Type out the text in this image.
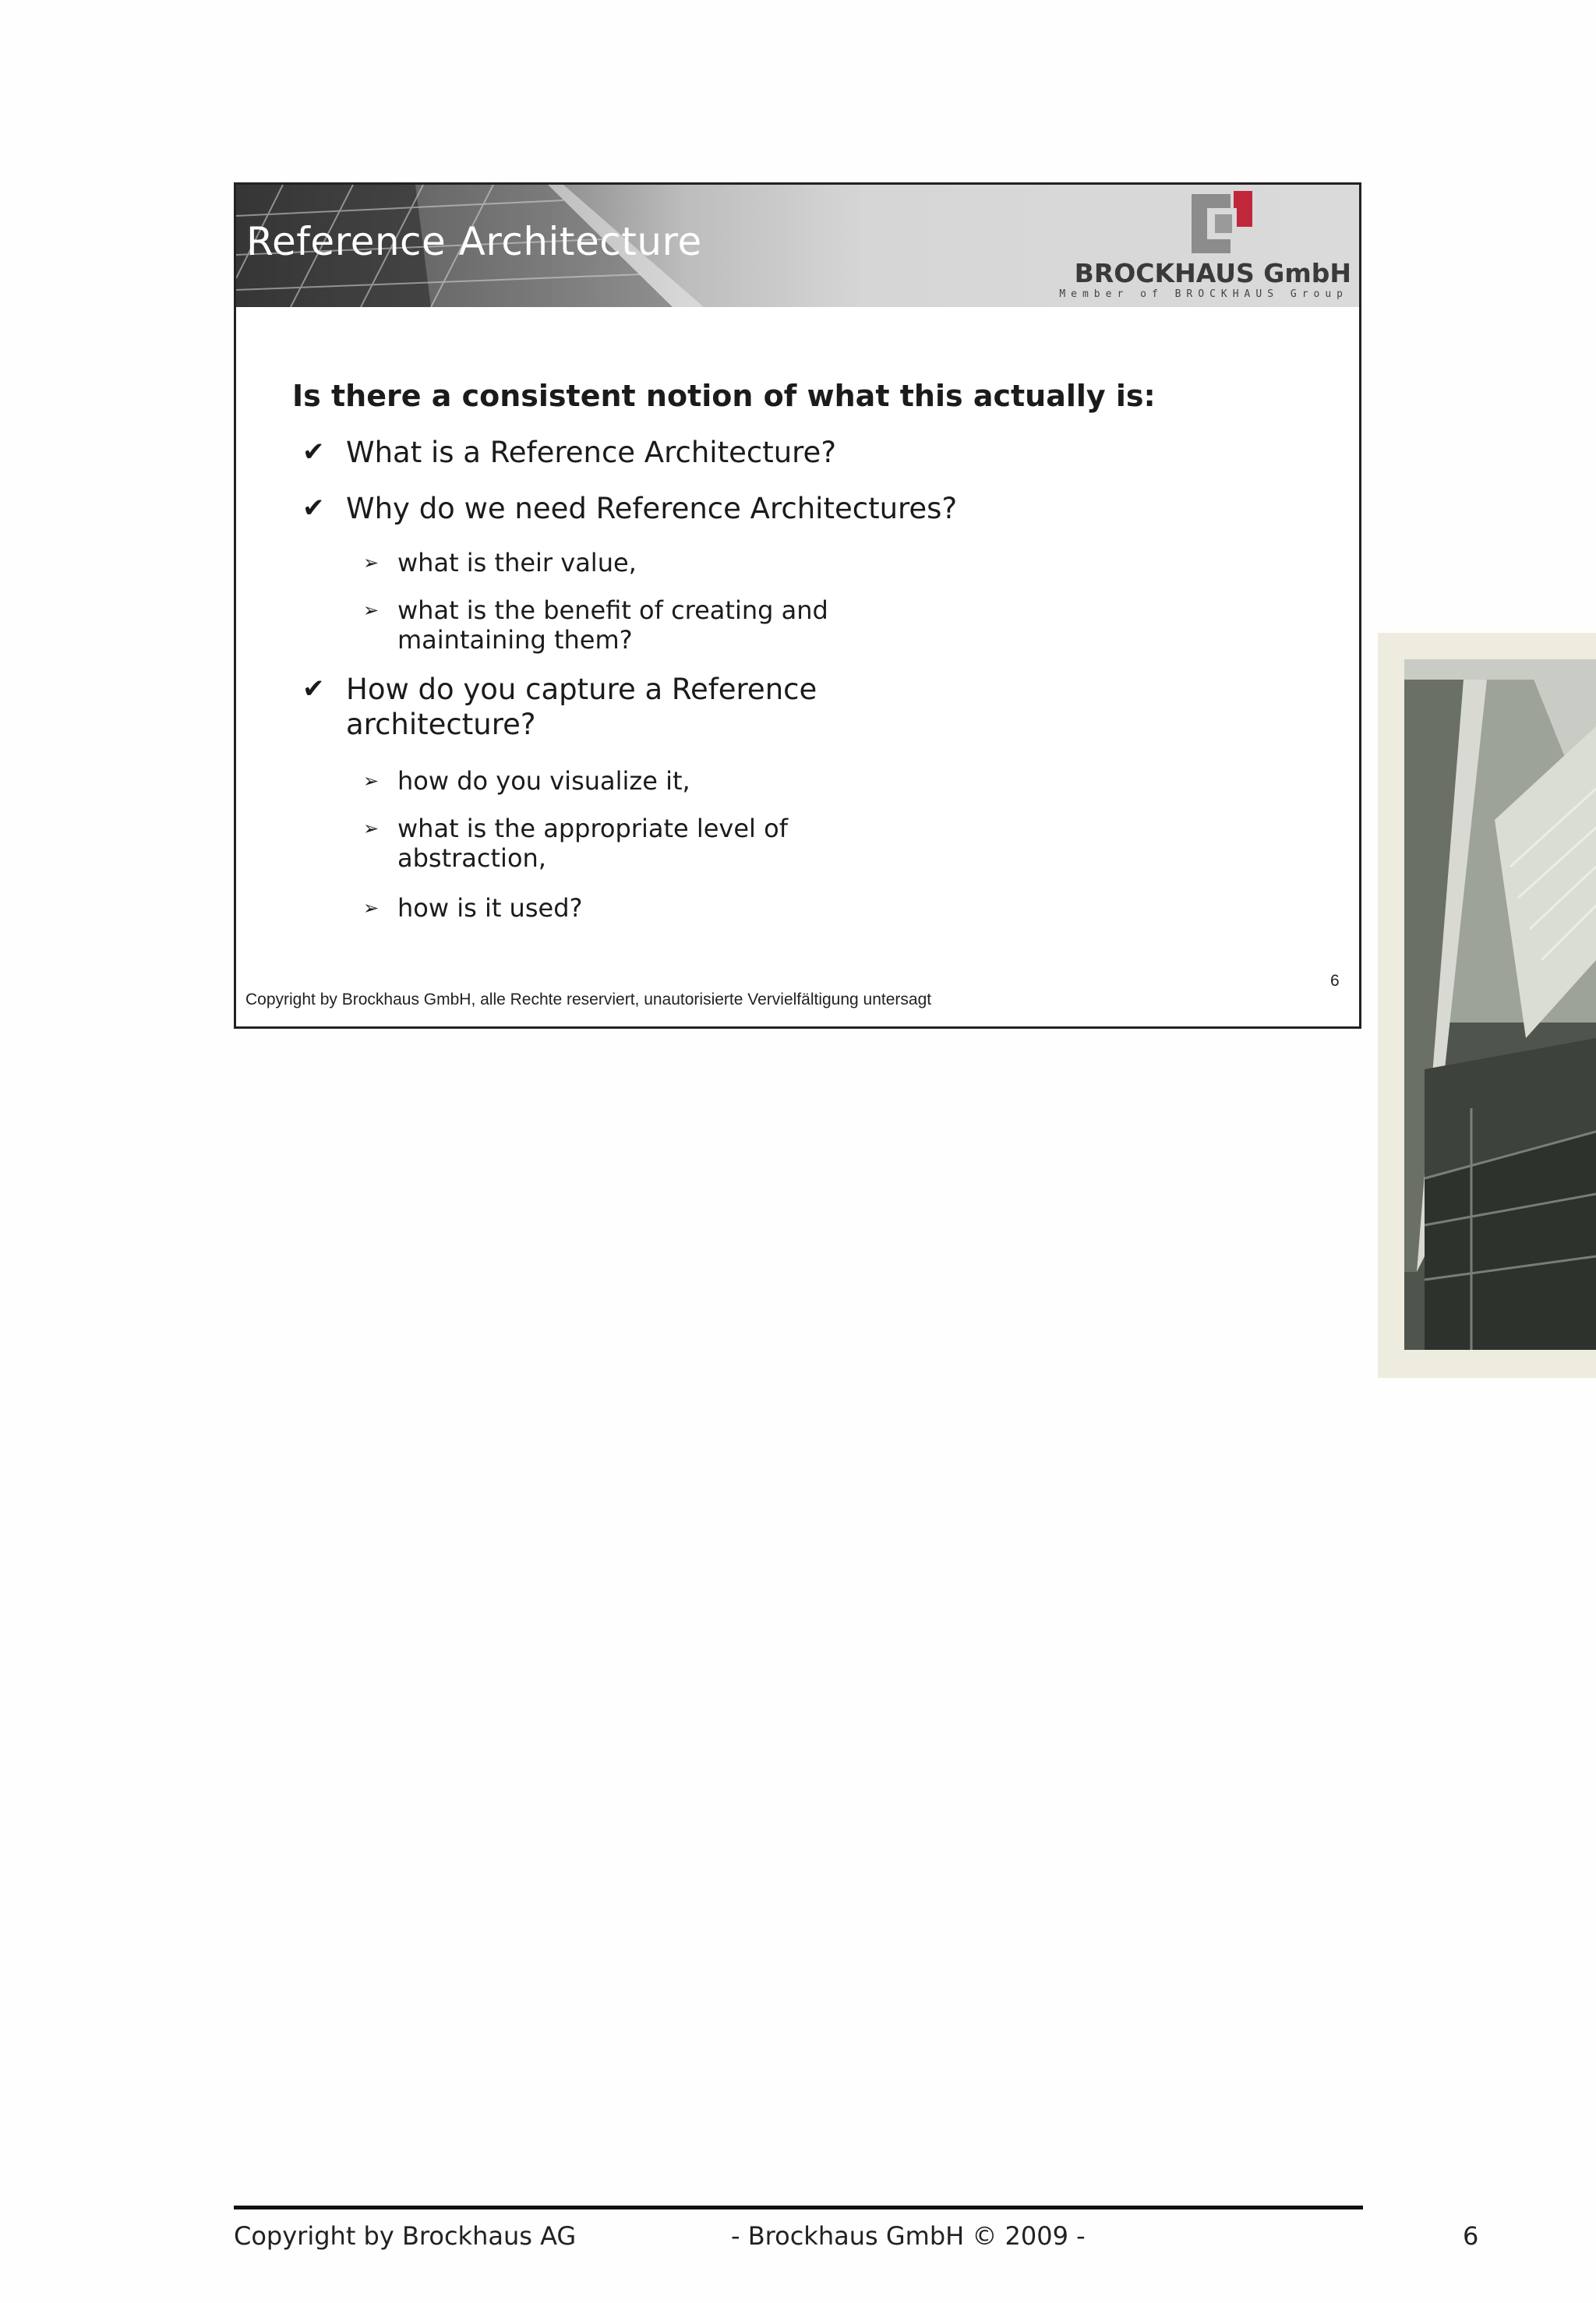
Reference Architecture
BROCKHAUS GmbH
Member of BROCKHAUS Group
Is there a consistent notion of what this actually is:
✔ What is a Reference Architecture?
✔ Why do we need Reference Architectures?
➢ what is their value,
➢ what is the benefit of creating and
maintaining them?
✔ How do you capture a Reference
architecture?
➢ how do you visualize it,
➢ what is the appropriate level of
abstraction,
➢ how is it used?
6
Copyright by Brockhaus GmbH, alle Rechte reserviert, unautorisierte Vervielfältigung untersagt
Copyright by Brockhaus AG	- Brockhaus GmbH © 2009 -	6
